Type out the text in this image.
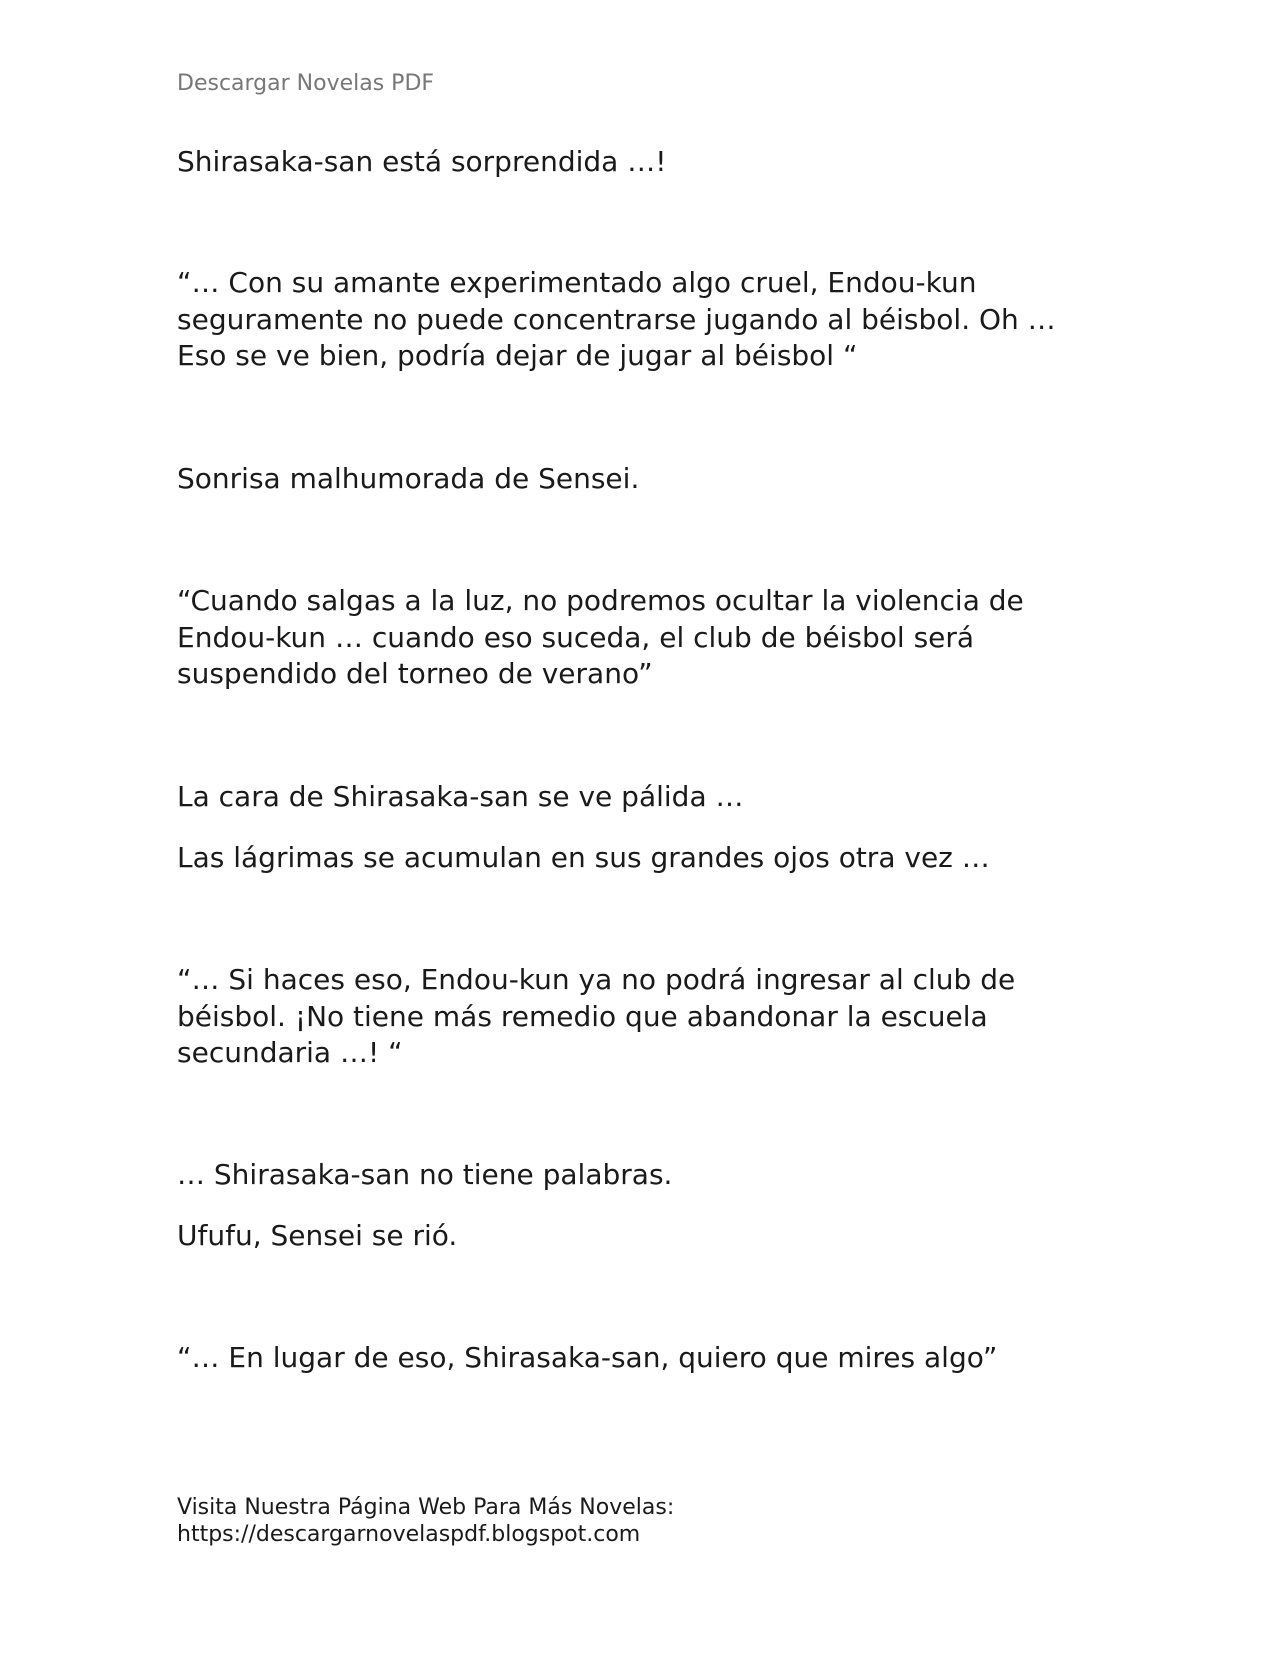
Descargar Novelas PDF
Shirasaka-san está sorprendida …!
“… Con su amante experimentado algo cruel, Endou-kun
seguramente no puede concentrarse jugando al béisbol. Oh …
Eso se ve bien, podría dejar de jugar al béisbol “
Sonrisa malhumorada de Sensei.
“Cuando salgas a la luz, no podremos ocultar la violencia de
Endou-kun … cuando eso suceda, el club de béisbol será
suspendido del torneo de verano”
La cara de Shirasaka-san se ve pálida …
Las lágrimas se acumulan en sus grandes ojos otra vez …
“… Si haces eso, Endou-kun ya no podrá ingresar al club de
béisbol. ¡No tiene más remedio que abandonar la escuela
secundaria …! “
… Shirasaka-san no tiene palabras.
Ufufu, Sensei se rió.
“… En lugar de eso, Shirasaka-san, quiero que mires algo”
Visita Nuestra Página Web Para Más Novelas:
https://descargarnovelaspdf.blogspot.com
